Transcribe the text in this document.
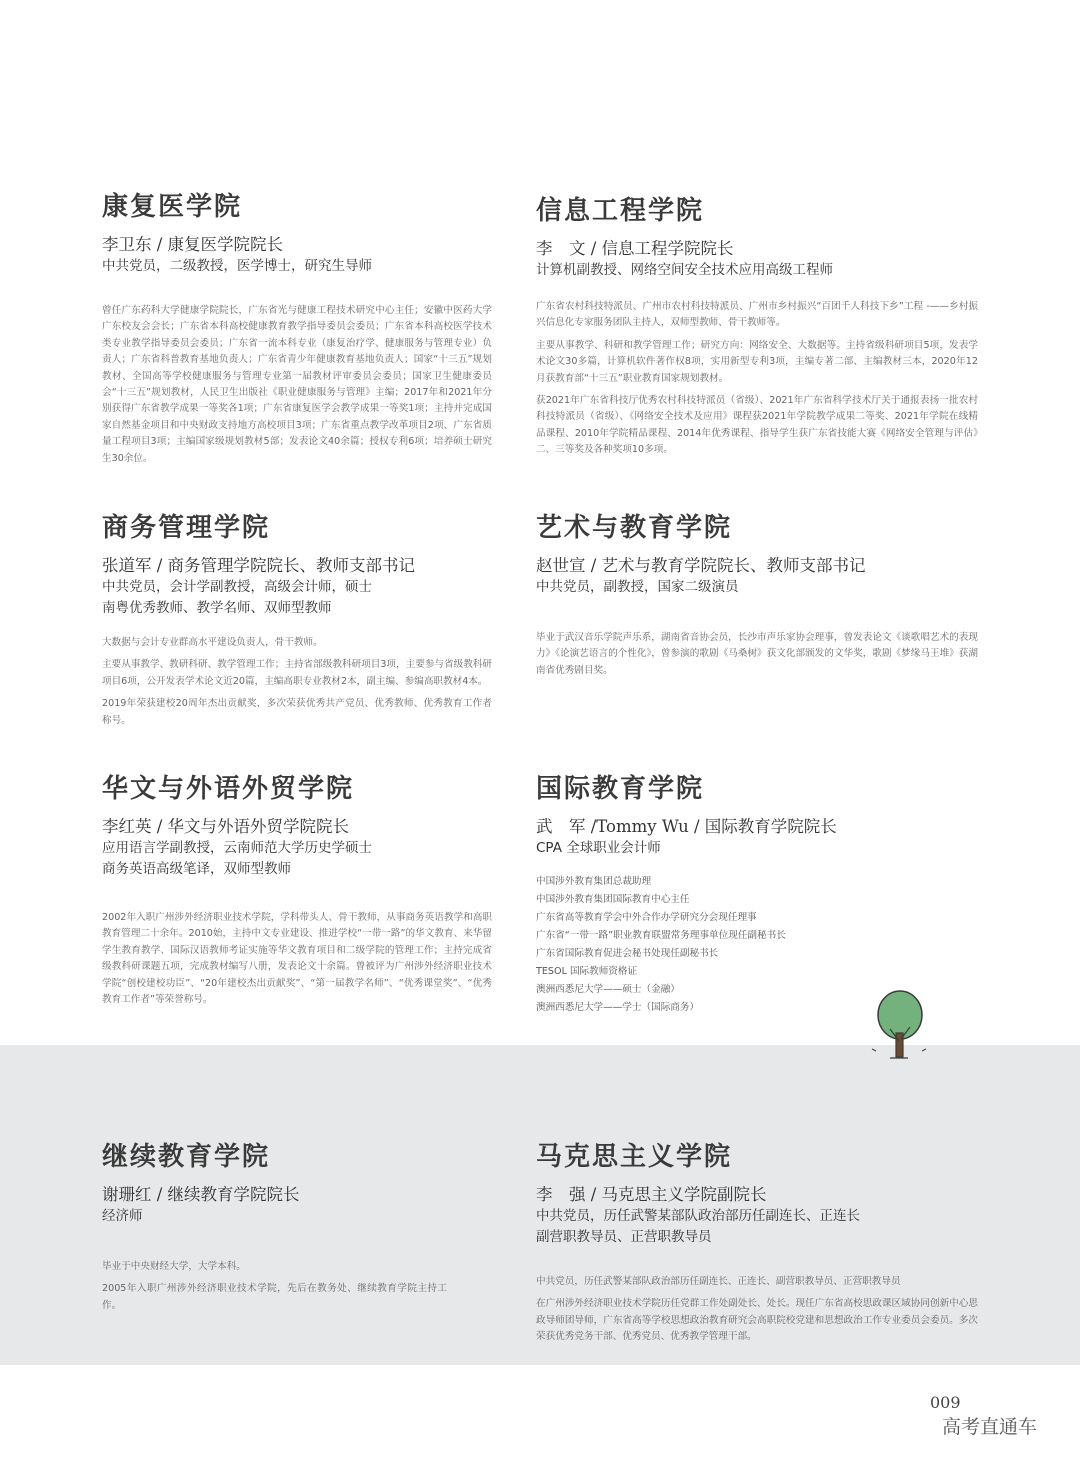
康复医学院
李卫东 / 康复医学院院长
中共党员，二级教授，医学博士，研究生导师
曾任广东药科大学健康学院院长，广东省光与健康工程技术研究中心主任；安徽中医药大学广东校友会会长；广东省本科高校健康教育教学指导委员会委员；广东省本科高校医学技术类专业教学指导委员会委员；广东省一流本科专业（康复治疗学、健康服务与管理专业）负责人；广东省科普教育基地负责人；广东省青少年健康教育基地负责人；国家“十三五”规划教材、全国高等学校健康服务与管理专业第一届教材评审委员会委员；国家卫生健康委员会“十三五”规划教材，人民卫生出版社《职业健康服务与管理》主编；2017年和2021年分别获得广东省教学成果一等奖各1项；广东省康复医学会教学成果一等奖1项；主持并完成国家自然基金项目和中央财政支持地方高校项目3项；广东省重点教学改革项目2项、广东省质量工程项目3项；主编国家级规划教材5部；发表论文40余篇；授权专利6项；培养硕士研究生30余位。
信息工程学院
李　文 / 信息工程学院院长
计算机副教授、网络空间安全技术应用高级工程师
广东省农村科技特派员、广州市农村科技特派员、广州市乡村振兴“百团千人科技下乡”工程 -——乡村振兴信息化专家服务团队主持人，双师型教师、骨干教师等。
主要从事教学、科研和教学管理工作；研究方向：网络安全、大数据等。主持省级科研项目5项，发表学术论文30多篇，计算机软件著作权8项，实用新型专利3项，主编专著二部、主编教材三本，2020年12月获教育部“十三五”职业教育国家规划教材。
获2021年广东省科技厅优秀农村科技特派员（省级）、2021年广东省科学技术厅关于通报表扬一批农村科技特派员（省级）、《网络安全技术及应用》课程获2021年学院教学成果二等奖、2021年学院在线精品课程、2010年学院精品课程、2014年优秀课程、指导学生获广东省技能大赛《网络安全管理与评估》二、三等奖及各种奖项10多项。
商务管理学院
张道军 / 商务管理学院院长、教师支部书记
中共党员，会计学副教授，高级会计师，硕士
南粤优秀教师、教学名师、双师型教师
大数据与会计专业群高水平建设负责人，骨干教师。
主要从事教学、教研科研、教学管理工作；主持省部级教科研项目3项，主要参与省级教科研项目6项，公开发表学术论文近20篇，主编高职专业教材2本，副主编、参编高职教材4本。
2019年荣获建校20周年杰出贡献奖，多次荣获优秀共产党员、优秀教师、优秀教育工作者称号。
艺术与教育学院
赵世宣 / 艺术与教育学院院长、教师支部书记
中共党员，副教授，国家二级演员
毕业于武汉音乐学院声乐系，湖南省音协会员，长沙市声乐家协会理事，曾发表论文《谈歌唱艺术的表现力》《论演艺语言的个性化》，曾参演的歌剧《马桑树》获文化部颁发的文华奖，歌剧《梦缘马王堆》获湖南省优秀剧目奖。
华文与外语外贸学院
李红英 / 华文与外语外贸学院院长
应用语言学副教授，云南师范大学历史学硕士
商务英语高级笔译，双师型教师
2002年入职广州涉外经济职业技术学院，学科带头人、骨干教师，从事商务英语教学和高职教育管理二十余年。2010始，主持中文专业建设、推进学校“一带一路”的华文教育、来华留学生教育教学、国际汉语教师考证实施等华文教育项目和二级学院的管理工作；主持完成省级教科研课题五项，完成教材编写八册，发表论文十余篇。曾被评为广州涉外经济职业技术学院“创校建校功臣”、“20年建校杰出贡献奖”、“第一届教学名师”、“优秀课堂奖”、“优秀教育工作者”等荣誉称号。
国际教育学院
武　军 /Tommy Wu / 国际教育学院院长
CPA 全球职业会计师
中国涉外教育集团总裁助理
中国涉外教育集团国际教育中心主任
广东省高等教育学会中外合作办学研究分会现任理事
广东省“一带一路”职业教育联盟常务理事单位现任副秘书长
广东省国际教育促进会秘书处现任副秘书长
TESOL 国际教师资格证
澳洲西悉尼大学——硕士（金融）
澳洲西悉尼大学——学士（国际商务）
继续教育学院
谢珊红 / 继续教育学院院长
经济师
毕业于中央财经大学，大学本科。
2005年入职广州涉外经济职业技术学院，先后在教务处、继续教育学院主持工作。
马克思主义学院
李　强 / 马克思主义学院副院长
中共党员，历任武警某部队政治部历任副连长、正连长
副营职教导员、正营职教导员
中共党员，历任武警某部队政治部历任副连长、正连长、副营职教导员、正营职教导员
在广州涉外经济职业技术学院历任党群工作处副处长、处长。现任广东省高校思政课区域协同创新中心思政导师团导师，广东省高等学校思想政治教育研究会高职院校党建和思想政治工作专业委员会委员。多次荣获优秀党务干部、优秀党员、优秀教学管理干部。
009
高考直通车
